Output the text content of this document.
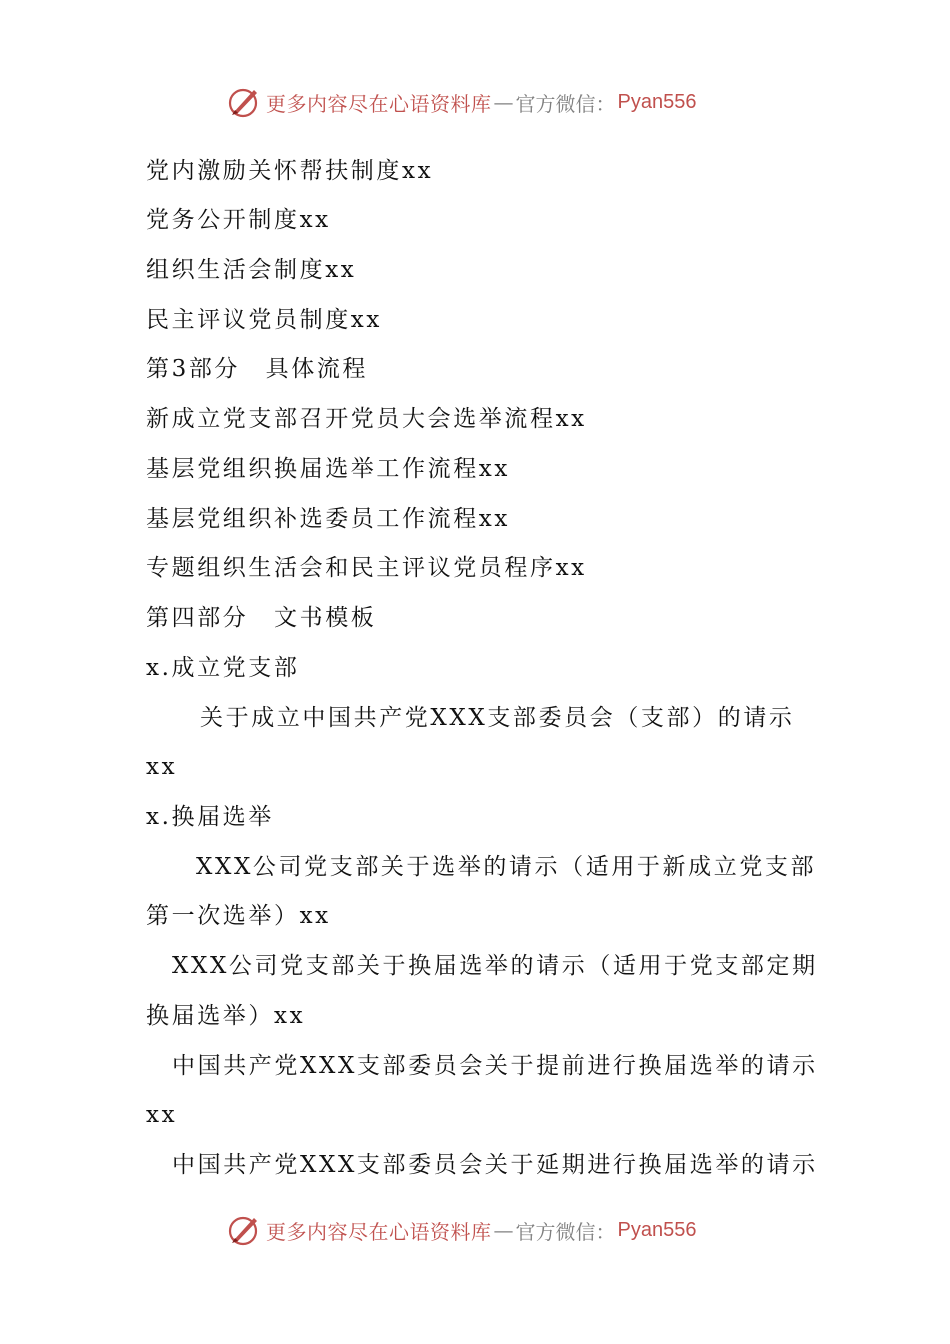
更多内容尽在心语资料库 — 官方微信： Pyan556
党内激励关怀帮扶制度xx
党务公开制度xx
组织生活会制度xx
民主评议党员制度xx
第3部分　具体流程
新成立党支部召开党员大会选举流程xx
基层党组织换届选举工作流程xx
基层党组织补选委员工作流程xx
专题组织生活会和民主评议党员程序xx
第四部分　文书模板
x.成立党支部
关于成立中国共产党XXX支部委员会（支部）的请示
xx
x.换届选举
XXX公司党支部关于选举的请示（适用于新成立党支部
第一次选举）xx
XXX公司党支部关于换届选举的请示（适用于党支部定期
换届选举）xx
中国共产党XXX支部委员会关于提前进行换届选举的请示
xx
中国共产党XXX支部委员会关于延期进行换届选举的请示
更多内容尽在心语资料库 — 官方微信： Pyan556
